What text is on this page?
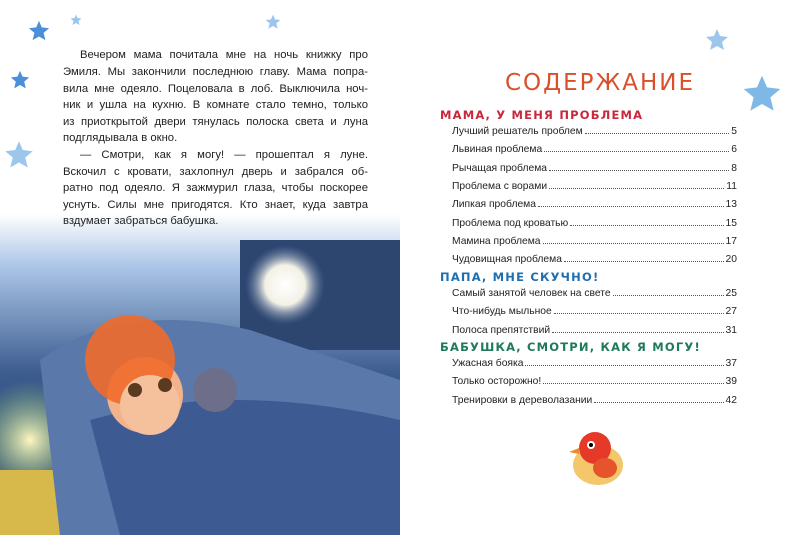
Вечером мама почитала мне на ночь книжку про
Эмиля. Мы закончили последнюю главу. Мама попра-
вила мне одеяло. Поцеловала в лоб. Выключила ноч-
ник и ушла на кухню. В комнате стало темно, только
из приоткрытой двери тянулась полоска света и луна
подглядывала в окно.
— Смотри, как я могу! — прошептал я луне.
Вскочил с кровати, захлопнул дверь и забрался об-
ратно под одеяло. Я зажмурил глаза, чтобы поскорее
уснуть. Силы мне пригодятся. Кто знает, куда завтра
вздумает забраться бабушка.
СОДЕРЖАНИЕ
МАМА, У МЕНЯ ПРОБЛЕМА
Лучший решатель проблем	5
Львиная проблема	6
Рычащая проблема	8
Проблема с ворами	11
Липкая проблема	13
Проблема под кроватью	15
Мамина проблема	17
Чудовищная проблема	20
ПАПА, МНЕ СКУЧНО!
Самый занятой человек на свете	25
Что-нибудь мыльное	27
Полоса препятствий	31
БАБУШКА, СМОТРИ, КАК Я МОГУ!
Ужасная бояка	37
Только осторожно!	39
Тренировки в дереволазании	42
